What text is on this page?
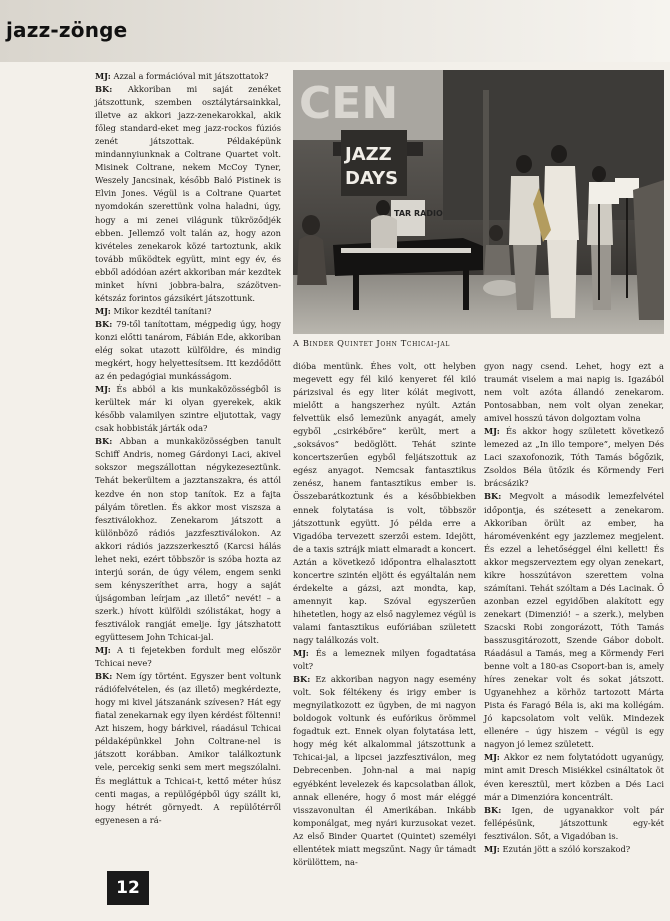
jazz-zönge

MJ: Azzal a formációval mit játszottatok?

BK: Akkoriban mi saját zenéket játszottunk, szemben osztálytársainkkal, illetve az akkori jazz-zenekarokkal, akik főleg standard-eket meg jazz-rockos fúziós zenét játszottak. Példaképünk mindannyiunknak a Coltrane Quartet volt. Misinek Coltrane, nekem McCoy Tyner, Weszely Jancsinak, később Baló Pistinek is Elvin Jones. Végül is a Coltrane Quartet nyomdokán szerettünk volna haladni, úgy, hogy a mi zenei világunk tükröződjék ebben. Jellemző volt talán az, hogy azon kivételes zenekarok közé tartoztunk, akik tovább működtek együtt, mint egy év, és ebből adódóan azért akkoriban már kezdtek minket hívni jobbra-balra, százötven-kétszáz forintos gázsikért játszottunk.

MJ: Mikor kezdtél tanítani?

BK: 79-től tanítottam, mégpedig úgy, hogy konzi előtti tanárom, Fábián Ede, akkoriban elég sokat utazott külföldre, és mindig megkért, hogy helyettesítsem. Itt kezdődött az én pedagógiai munkásságom.

MJ: És abból a kis munkaközösségből is kerültek már ki olyan gyerekek, akik később valamilyen szintre eljutottak, vagy csak hobbisták járták oda?

BK: Abban a munkaközösségben tanult Schiff Andris, nomeg Gárdonyi Laci, akivel sokszor megszállottan négykezeseztünk. Tehát bekerültem a jazztanszakra, és attól kezdve én non stop tanítok. Ez a fajta pályám töretlen. És akkor most viszsza a fesztiválokhoz. Zenekarom játszott a különböző rádiós jazzfesztiválokon. Az akkori rádiós jazzszerkesztő (Karcsi hálás lehet neki, ezért többször is szóba hozta az interjú során, de úgy vélem, engem senki sem kényszeríthet arra, hogy a saját újságomban leírjam „az illető” nevét! – a szerk.) hívott külföldi szólistákat, hogy a fesztiválok rangját emelje. Így játszhatott együttesem John Tchicai-jal.

MJ: A ti fejetekben fordult meg először Tchicai neve?

BK: Nem így történt. Egyszer bent voltunk rádiófelvételen, és (az illető) megkérdezte, hogy mi kivel játszanánk szívesen? Hát egy fiatal zenekarnak egy ilyen kérdést föltenni! Azt hiszem, hogy bárkivel, ráadásul Tchicai példaképünkkel John Coltrane-nel is játszott korábban. Amikor találkoztunk vele, percekig senki sem mert megszólalni. És megláttuk a Tchicai-t, kettő méter húsz centi magas, a repülőgépből úgy szállt ki, hogy hétrét görnyedt. A repülőtérről egyenesen a rá-

CEN
JAZZ
DAYS
TAR RADIO
A Binder Quintet John Tchicai-jal

dióba mentünk. Éhes volt, ott helyben megevett egy fél kiló kenyeret fél kiló párizsival és egy liter kólát megivott, mielőtt a hangszerhez nyúlt. Aztán felvettük első lemezünk anyagát, amely egyből „csirkébőre” került, mert a „soksávos” bedöglött. Tehát szinte koncertszerűen egyből feljátszottuk az egész anyagot. Nemcsak fantasztikus zenész, hanem fantasztikus ember is. Összebarátkoztunk és a későbbiekben ennek folytatása is volt, többször játszottunk együtt. Jó példa erre a Vigadóba tervezett szerzői estem. Idejött, de a taxis sztrájk miatt elmaradt a koncert. Aztán a következő időpontra elhalasztott koncertre szintén eljött és egyáltalán nem érdekelte a gázsi, azt mondta, kap, amennyit kap. Szóval egyszerűen hihetetlen, hogy az első nagylemez végül is valami fantasztikus eufóriában született nagy találkozás volt.

MJ: És a lemeznek milyen fogadtatása volt?

BK: Ez akkoriban nagyon nagy esemény volt. Sok féltékeny és irigy ember is megnyilatkozott ez ügyben, de mi nagyon boldogok voltunk és eufórikus örömmel fogadtuk ezt. Ennek olyan folytatása lett, hogy még két alkalommal játszottunk a Tchicai-jal, a lipcsei jazzfesztiválon, meg Debrecenben. John-nal a mai napig egyébként levelezek és kapcsolatban állok, annak ellenére, hogy ő most már eléggé visszavonultan él Amerikában. Inkább komponálgat, meg nyári kurzusokat vezet. Az első Binder Quartet (Quintet) személyi ellentétek miatt megszűnt. Nagy űr támadt körülöttem, na-

gyon nagy csend. Lehet, hogy ezt a traumát viselem a mai napig is. Igazából nem volt azóta állandó zenekarom. Pontosabban, nem volt olyan zenekar, amivel hosszú távon dolgoztam volna

MJ: És akkor hogy született következő lemezed az „In illo tempore”, melyen Dés Laci szaxofonozik, Tóth Tamás bőgőzik, Zsoldos Béla ütőzik és Körmendy Feri brácsázik?

BK: Megvolt a második lemezfelvétel időpontja, és szétesett a zenekarom. Akkoriban örült az ember, ha háromévenként egy jazzlemez megjelent. És ezzel a lehetőséggel élni kellett! És akkor megszerveztem egy olyan zenekart, kikre hosszútávon szerettem volna számítani. Tehát szóltam a Dés Lacinak. Ő azonban ezzel egyidőben alakított egy zenekart (Dimenzió! – a szerk.), melyben Szacski Robi zongorázott, Tóth Tamás basszusgitározott, Szende Gábor dobolt. Ráadásul a Tamás, meg a Körmendy Feri benne volt a 180-as Csoport-ban is, amely híres zenekar volt és sokat játszott. Ugyanehhez a körhöz tartozott Márta Pista és Faragó Béla is, aki ma kollégám. Jó kapcsolatom volt velük. Mindezek ellenére – úgy hiszem – végül is egy nagyon jó lemez született.

MJ: Akkor ez nem folytatódott ugyanúgy, mint amit Dresch Misiékkel csináltatok öt éven keresztül, mert közben a Dés Laci már a Dimenzióra koncentrált.

BK: Igen, de ugyanakkor volt pár fellépésünk, játszottunk egy-két fesztiválon. Sőt, a Vigadóban is.

MJ: Ezután jött a szóló korszakod?

12
